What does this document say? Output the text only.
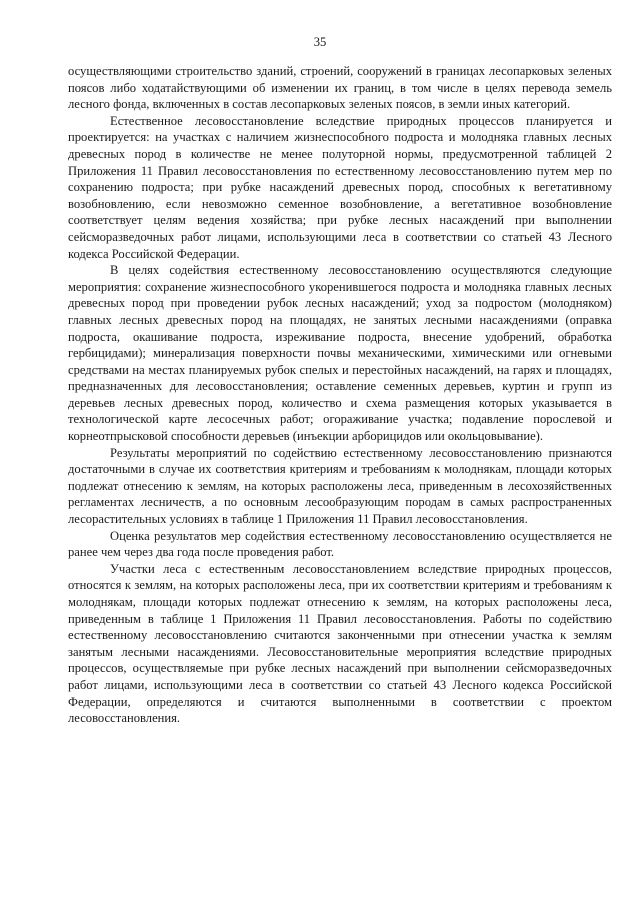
35

осуществляющими строительство зданий, строений, сооружений в границах лесопарковых зеленых поясов либо ходатайствующими об изменении их границ, в том числе в целях перевода земель лесного фонда, включенных в состав лесопарковых зеленых поясов, в земли иных категорий.

Естественное лесовосстановление вследствие природных процессов планируется и проектируется: на участках с наличием жизнеспособного подроста и молодняка главных лесных древесных пород в количестве не менее полуторной нормы, предусмотренной таблицей 2 Приложения 11 Правил лесовосстановления по естественному лесовосстановлению путем мер по сохранению подроста; при рубке насаждений древесных пород, способных к вегетативному возобновлению, если невозможно семенное возобновление, а вегетативное возобновление соответствует целям ведения хозяйства; при рубке лесных насаждений при выполнении сейсморазведочных работ лицами, использующими леса в соответствии со статьей 43 Лесного кодекса Российской Федерации.

В целях содействия естественному лесовосстановлению осуществляются следующие мероприятия: сохранение жизнеспособного укоренившегося подроста и молодняка главных лесных древесных пород при проведении рубок лесных насаждений; уход за подростом (молодняком) главных лесных древесных пород на площадях, не занятых лесными насаждениями (оправка подроста, окашивание подроста, изреживание подроста, внесение удобрений, обработка гербицидами); минерализация поверхности почвы механическими, химическими или огневыми средствами на местах планируемых рубок спелых и перестойных насаждений, на гарях и площадях, предназначенных для лесовосстановления; оставление семенных деревьев, куртин и групп из деревьев лесных древесных пород, количество и схема размещения которых указывается в технологической карте лесосечных работ; огораживание участка; подавление порослевой и корнеотпрысковой способности деревьев (инъекции арборицидов или окольцовывание).

Результаты мероприятий по содействию естественному лесовосстановлению признаются достаточными в случае их соответствия критериям и требованиям к молоднякам, площади которых подлежат отнесению к землям, на которых расположены леса, приведенным в лесохозяйственных регламентах лесничеств, а по основным лесообразующим породам в самых распространенных лесорастительных условиях в таблице 1 Приложения 11 Правил лесовосстановления.

Оценка результатов мер содействия естественному лесовосстановлению осуществляется не ранее чем через два года после проведения работ.

Участки леса с естественным лесовосстановлением вследствие природных процессов, относятся к землям, на которых расположены леса, при их соответствии критериям и требованиям к молоднякам, площади которых подлежат отнесению к землям, на которых расположены леса, приведенным в таблице 1 Приложения 11 Правил лесовосстановления. Работы по содействию естественному лесовосстановлению считаются законченными при отнесении участка к землям занятым лесными насаждениями. Лесовосстановительные мероприятия вследствие природных процессов, осуществляемые при рубке лесных насаждений при выполнении сейсморазведочных работ лицами, использующими леса в соответствии со статьей 43 Лесного кодекса Российской Федерации, определяются и считаются выполненными в соответствии с проектом лесовосстановления.
